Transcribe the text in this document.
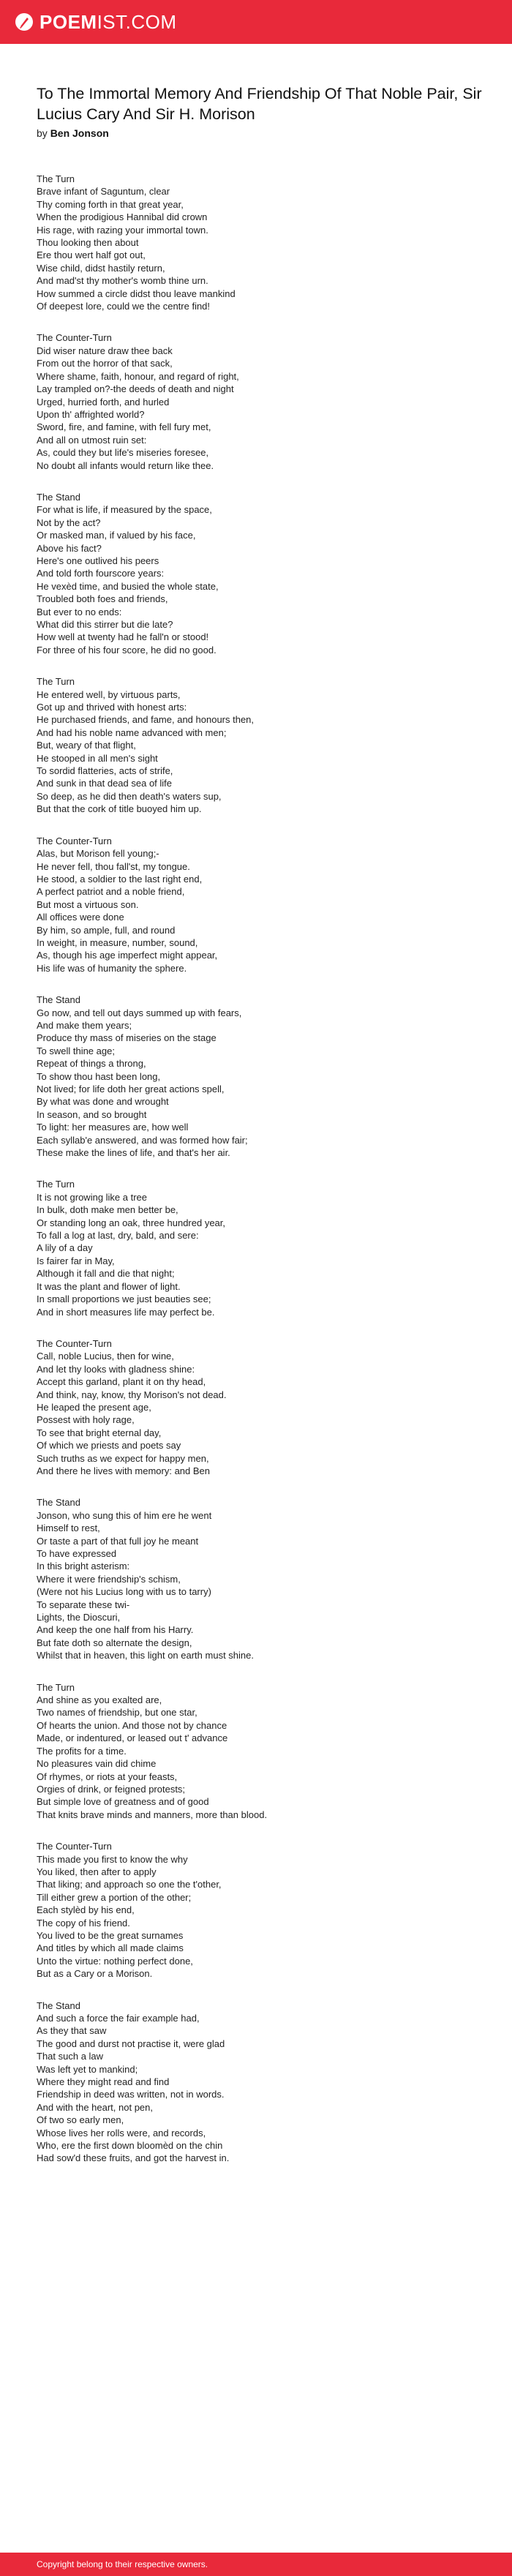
POEMIST.COM
To The Immortal Memory And Friendship Of That Noble Pair, Sir Lucius Cary And Sir H. Morison
by Ben Jonson
The Turn
Brave infant of Saguntum, clear
Thy coming forth in that great year,
When the prodigious Hannibal did crown
His rage, with razing your immortal town.
Thou looking then about
Ere thou wert half got out,
Wise child, didst hastily return,
And mad'st thy mother's womb thine urn.
How summed a circle didst thou leave mankind
Of deepest lore, could we the centre find!
The Counter-Turn
Did wiser nature draw thee back
From out the horror of that sack,
Where shame, faith, honour, and regard of right,
Lay trampled on?-the deeds of death and night
Urged, hurried forth, and hurled
Upon th' affrighted world?
Sword, fire, and famine, with fell fury met,
And all on utmost ruin set:
As, could they but life's miseries foresee,
No doubt all infants would return like thee.
The Stand
For what is life, if measured by the space,
Not by the act?
Or masked man, if valued by his face,
Above his fact?
Here's one outlived his peers
And told forth fourscore years:
He vexèd time, and busied the whole state,
Troubled both foes and friends,
But ever to no ends:
What did this stirrer but die late?
How well at twenty had he fall'n or stood!
For three of his four score, he did no good.
The Turn
He entered well, by virtuous parts,
Got up and thrived with honest arts:
He purchased friends, and fame, and honours then,
And had his noble name advanced with men;
But, weary of that flight,
He stooped in all men's sight
To sordid flatteries, acts of strife,
And sunk in that dead sea of life
So deep, as he did then death's waters sup,
But that the cork of title buoyed him up.
The Counter-Turn
Alas, but Morison fell young;-
He never fell, thou fall'st, my tongue.
He stood, a soldier to the last right end,
A perfect patriot and a noble friend,
But most a virtuous son.
All offices were done
By him, so ample, full, and round
In weight, in measure, number, sound,
As, though his age imperfect might appear,
His life was of humanity the sphere.
The Stand
Go now, and tell out days summed up with fears,
And make them years;
Produce thy mass of miseries on the stage
To swell thine age;
Repeat of things a throng,
To show thou hast been long,
Not lived; for life doth her great actions spell,
By what was done and wrought
In season, and so brought
To light: her measures are, how well
Each syllab'e answered, and was formed how fair;
These make the lines of life, and that's her air.
The Turn
It is not growing like a tree
In bulk, doth make men better be,
Or standing long an oak, three hundred year,
To fall a log at last, dry, bald, and sere:
A lily of a day
Is fairer far in May,
Although it fall and die that night;
It was the plant and flower of light.
In small proportions we just beauties see;
And in short measures life may perfect be.
The Counter-Turn
Call, noble Lucius, then for wine,
And let thy looks with gladness shine:
Accept this garland, plant it on thy head,
And think, nay, know, thy Morison's not dead.
He leaped the present age,
Possest with holy rage,
To see that bright eternal day,
Of which we priests and poets say
Such truths as we expect for happy men,
And there he lives with memory: and Ben
The Stand
Jonson, who sung this of him ere he went
Himself to rest,
Or taste a part of that full joy he meant
To have expressed
In this bright asterism:
Where it were friendship's schism,
(Were not his Lucius long with us to tarry)
To separate these twi-
Lights, the Dioscuri,
And keep the one half from his Harry.
But fate doth so alternate the design,
Whilst that in heaven, this light on earth must shine.
The Turn
And shine as you exalted are,
Two names of friendship, but one star,
Of hearts the union. And those not by chance
Made, or indentured, or leased out t' advance
The profits for a time.
No pleasures vain did chime
Of rhymes, or riots at your feasts,
Orgies of drink, or feigned protests;
But simple love of greatness and of good
That knits brave minds and manners, more than blood.
The Counter-Turn
This made you first to know the why
You liked, then after to apply
That liking; and approach so one the t'other,
Till either grew a portion of the other;
Each stylèd by his end,
The copy of his friend.
You lived to be the great surnames
And titles by which all made claims
Unto the virtue: nothing perfect done,
But as a Cary or a Morison.
The Stand
And such a force the fair example had,
As they that saw
The good and durst not practise it, were glad
That such a law
Was left yet to mankind;
Where they might read and find
Friendship in deed was written, not in words.
And with the heart, not pen,
Of two so early men,
Whose lives her rolls were, and records,
Who, ere the first down bloomèd on the chin
Had sow'd these fruits, and got the harvest in.
Copyright belong to their respective owners.
